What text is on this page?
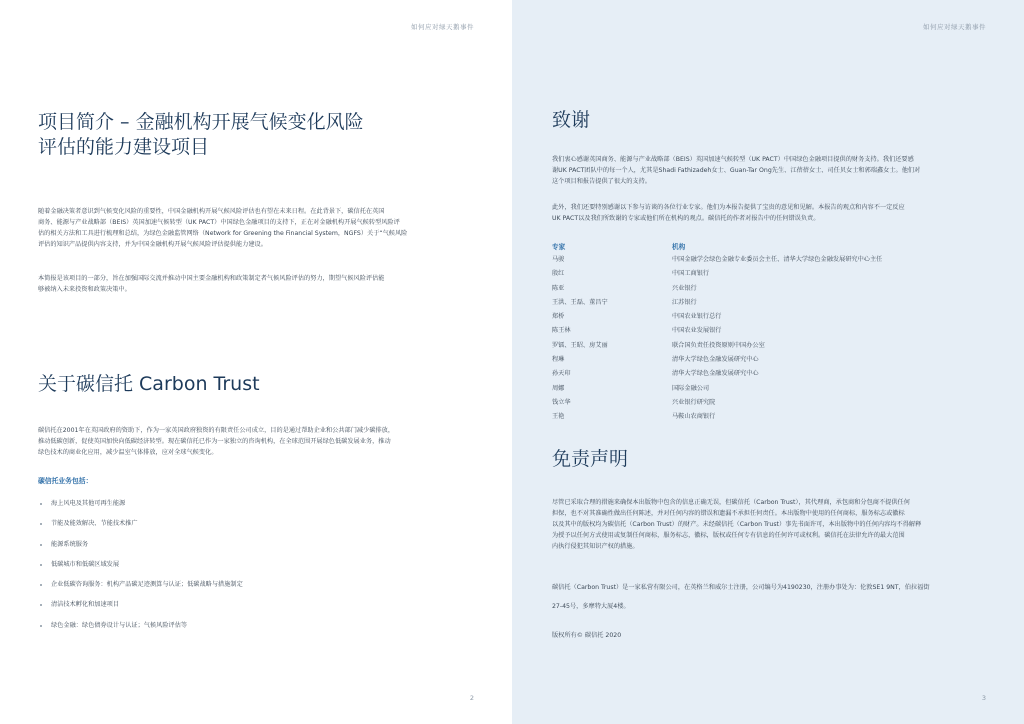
如何应对绿天鹅事件
项目简介 – 金融机构开展气候变化风险
评估的能力建设项目

随着金融决策者意识到气候变化风险的重要性，中国金融机构开展气候风险评估也有望在未来日程。在此背景下，碳信托在英国
商务、能源与产业战略部（BEIS）英国加速气候转型（UK PACT）中国绿色金融项目的支持下，正在对金融机构开展气候转型风险评
估的相关方法和工具进行梳理和总结，为绿色金融监管网络（Network for Greening the Financial System，NGFS）关于“气候风险
评估的知识产品提供内容支持，并为中国金融机构开展气候风险评估提供能力建设。

本简报是该项目的一部分，旨在加强国际交流并推动中国主要金融机构和政策制定者气候风险评估的努力，期望气候风险评估能
够被纳入未来投资和政策决策中。

关于碳信托 Carbon Trust

碳信托在2001年在英国政府的资助下，作为一家英国政府独资的有限责任公司成立，目的是通过帮助企业和公共部门减少碳排放，
推动低碳创新，促使英国加快向低碳经济转型。现在碳信托已作为一家独立的咨询机构，在全球范围开展绿色低碳发展业务，推动
绿色技术的商业化应用，减少温室气体排放，应对全球气候变化。

碳信托业务包括：
海上风电及其他可再生能源
节能及能效解决、节能技术推广
能源系统服务
低碳城市和低碳区域发展
企业低碳咨询服务：机构产品碳足迹测算与认证；低碳战略与措施制定
清洁技术孵化和加速项目
绿色金融：绿色债券设计与认证；气候风险评估等
2
如何应对绿天鹅事件
致谢

我们衷心感谢英国商务、能源与产业战略部（BEIS）英国加速气候转型（UK PACT）中国绿色金融项目提供的财务支持。我们还要感
谢UK PACT团队中的每一个人，尤其是Shadi Fathizadeh女士、Guan-Tar Ong先生、江蓓蓓女士、司任贝女士和郭瑞鑫女士。他们对
这个项目和报告提供了很大的支持。

此外，我们还要特别感谢以下参与访谈的各位行业专家。他们为本报告提供了宝贵的意见和见解。本报告的观点和内容不一定反应
UK PACT以及我们所致谢的专家或他们所在机构的观点。碳信托的作者对报告中的任何错误负责。

专家	机构
马骏	中国金融学会绿色金融专业委员会主任、清华大学绿色金融发展研究中心主任
殷红	中国工商银行
陈亚	兴业银行
王洪、王磊、董昌宁	江苏银行
郑桥	中国农业银行总行
陈王林	中国农业发展银行
罗镭、王昭、房艾丽	联合国负责任投资原则中国办公室
程琳	清华大学绿色金融发展研究中心
孙天印	清华大学绿色金融发展研究中心
周娜	国际金融公司
钱立华	兴业银行研究院
王艳	马鞍山农商银行
免责声明

尽管已采取合理的措施来确保本出版物中包含的信息正确无误，但碳信托（Carbon Trust），其代理商，承包商和分包商不提供任何
担保，也不对其准确性做出任何陈述，并对任何内容的错误和遗漏不承担任何责任。本出版物中使用的任何商标，服务标志或徽标
以及其中的版权均为碳信托（Carbon Trust）的财产。未经碳信托（Carbon Trust）事先书面许可，本出版物中的任何内容均不得解释
为授予以任何方式使用或复制任何商标，服务标志，徽标，版权或任何专有信息的任何许可或权利。碳信托在法律允许的最大范围
内执行侵犯其知识产权的措施。

碳信托（Carbon Trust）是一家私营有限公司，在英格兰和威尔士注册，公司编号为4190230，注册办事处为：伦敦SE1 9NT，伯拉福街
27-45号，多摩特大厦4楼。

版权所有© 碳信托 2020

3
